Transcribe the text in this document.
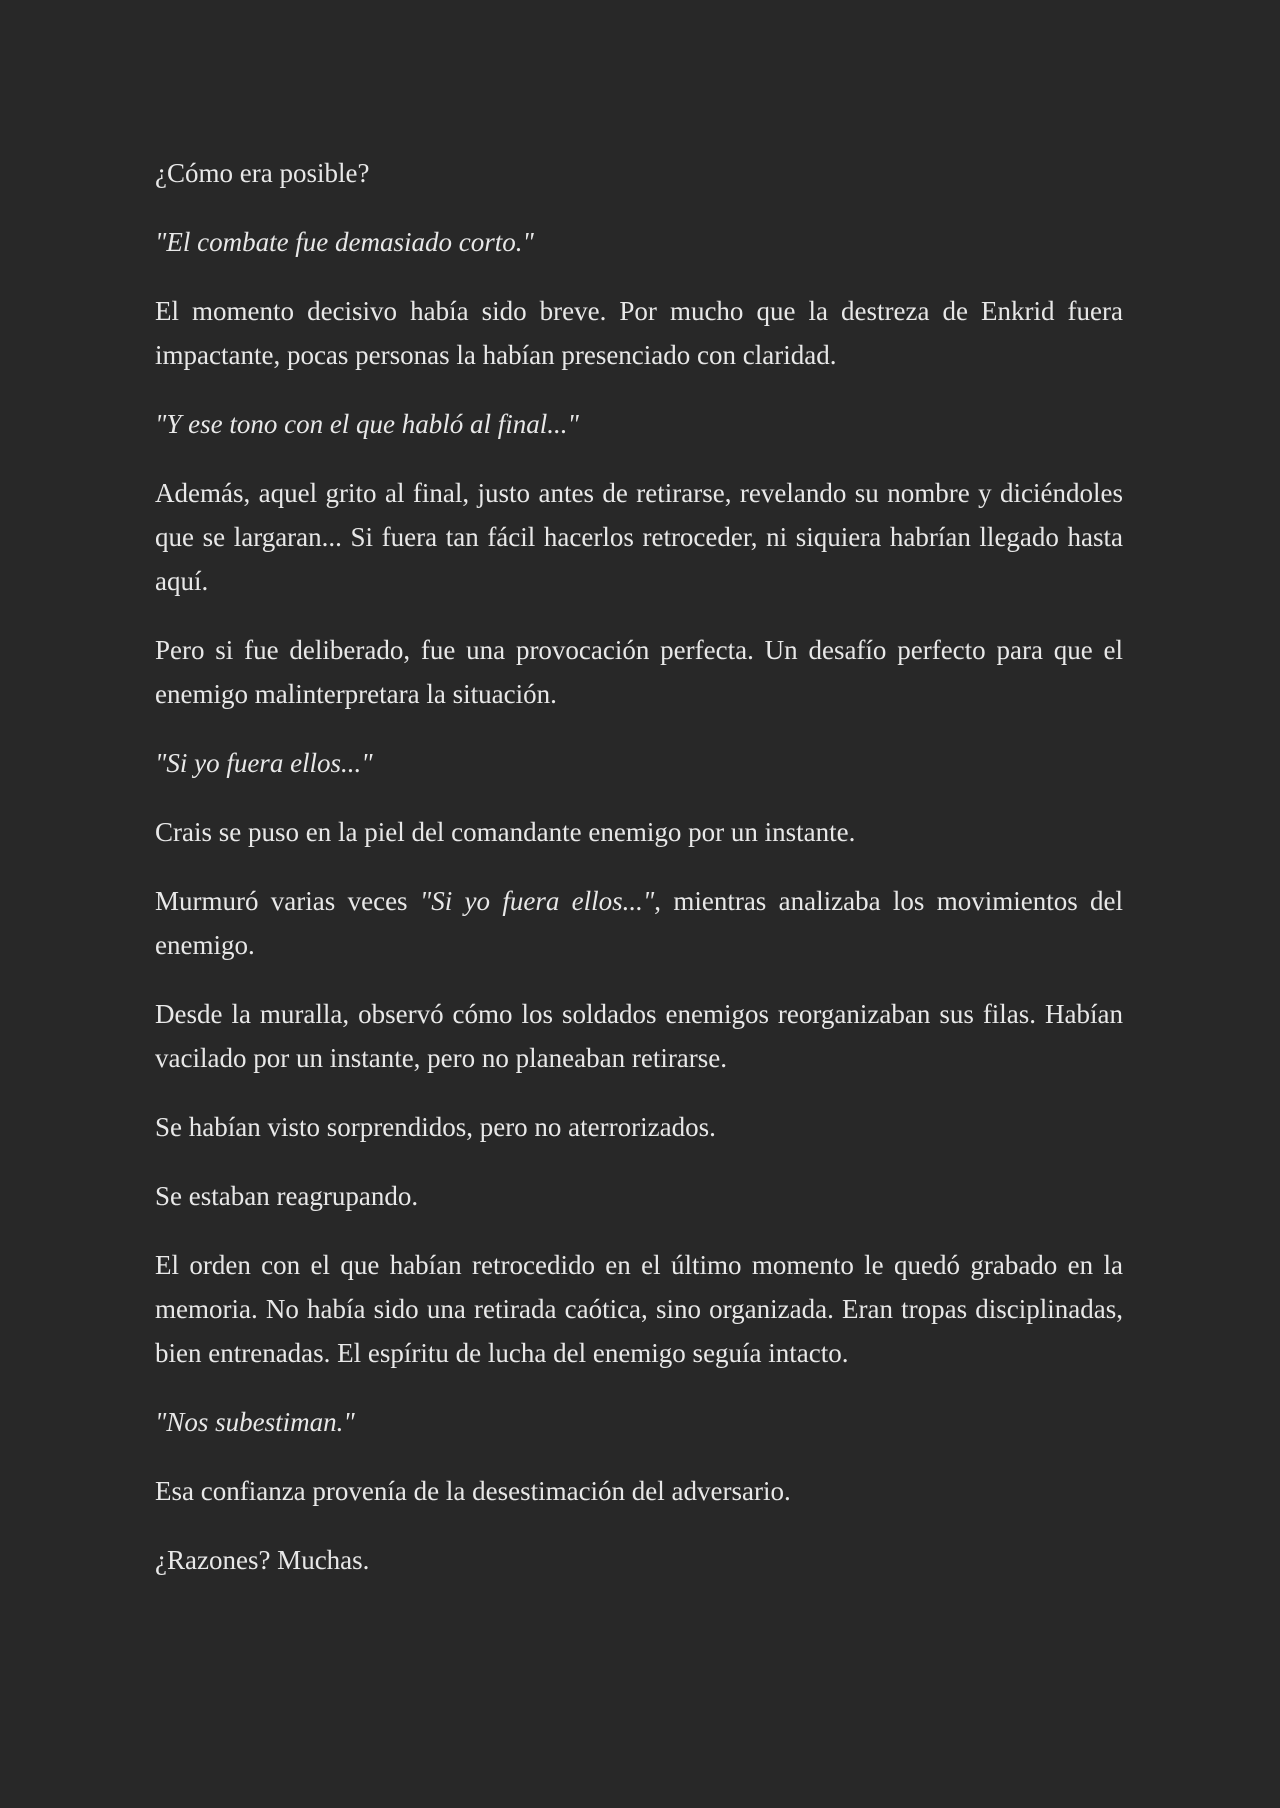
¿Cómo era posible?

"El combate fue demasiado corto."

El momento decisivo había sido breve. Por mucho que la destreza de Enkrid fuera impactante, pocas personas la habían presenciado con claridad.

"Y ese tono con el que habló al final..."

Además, aquel grito al final, justo antes de retirarse, revelando su nombre y diciéndoles que se largaran... Si fuera tan fácil hacerlos retroceder, ni siquiera habrían llegado hasta aquí.

Pero si fue deliberado, fue una provocación perfecta. Un desafío perfecto para que el enemigo malinterpretara la situación.

"Si yo fuera ellos..."

Crais se puso en la piel del comandante enemigo por un instante.

Murmuró varias veces "Si yo fuera ellos...", mientras analizaba los movimientos del enemigo.

Desde la muralla, observó cómo los soldados enemigos reorganizaban sus filas. Habían vacilado por un instante, pero no planeaban retirarse.

Se habían visto sorprendidos, pero no aterrorizados.

Se estaban reagrupando.

El orden con el que habían retrocedido en el último momento le quedó grabado en la memoria. No había sido una retirada caótica, sino organizada. Eran tropas disciplinadas, bien entrenadas. El espíritu de lucha del enemigo seguía intacto.

"Nos subestiman."

Esa confianza provenía de la desestimación del adversario.

¿Razones? Muchas.
